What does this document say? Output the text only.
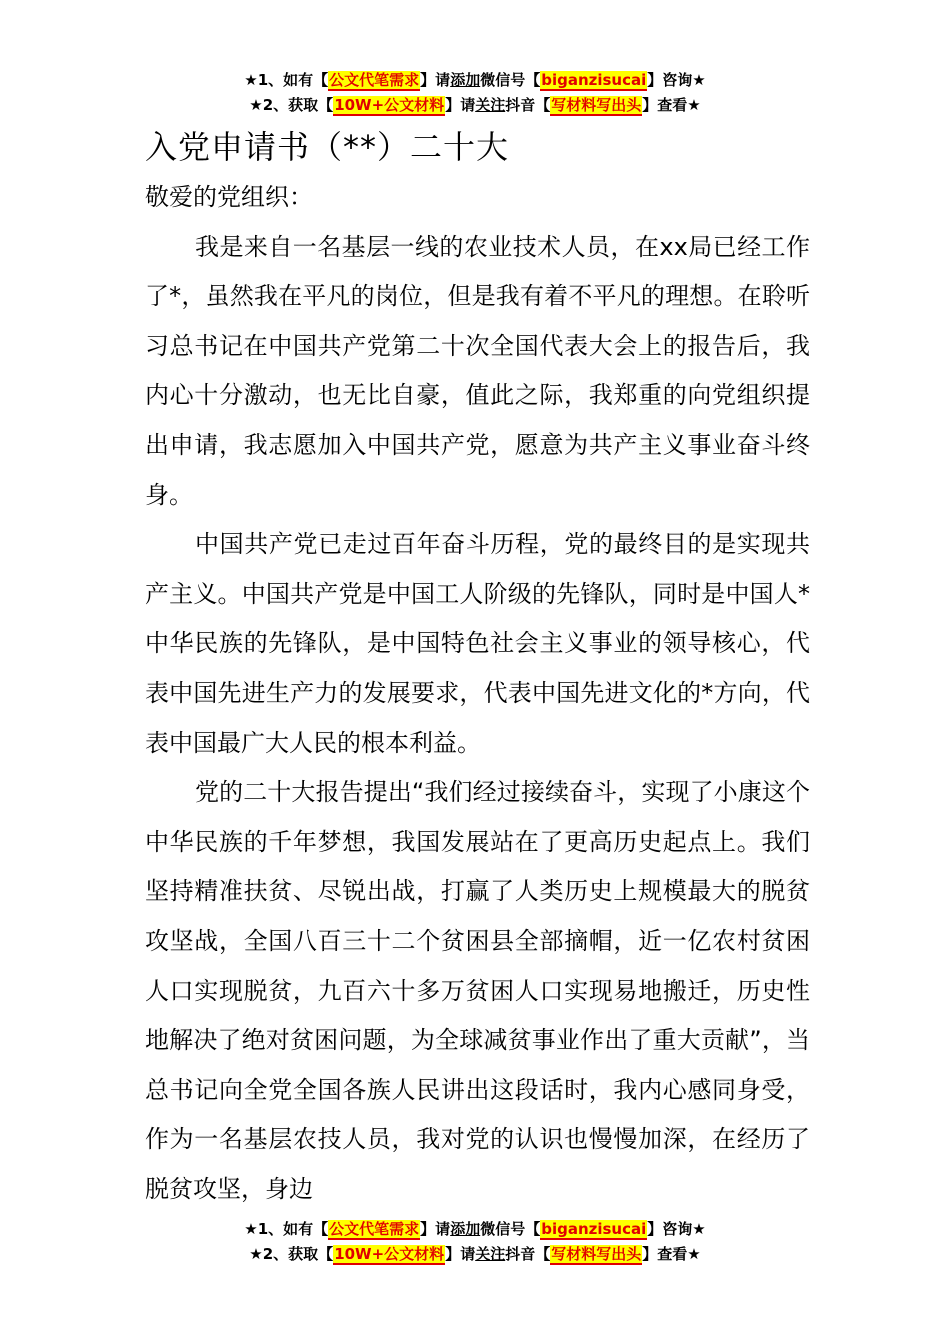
★1、如有【公文代笔需求】请添加微信号【biganzisucai】咨询★
★2、获取【10W+公文材料】请关注抖音【写材料写出头】查看★
入党申请书（**）二十大

敬爱的党组织：

我是来自一名基层一线的农业技术人员，在xx局已经工作了*，虽然我在平凡的岗位，但是我有着不平凡的理想。在聆听习总书记在中国共产党第二十次全国代表大会上的报告后，我内心十分激动，也无比自豪，值此之际，我郑重的向党组织提出申请，我志愿加入中国共产党，愿意为共产主义事业奋斗终身。

中国共产党已走过百年奋斗历程，党的最终目的是实现共产主义。中国共产党是中国工人阶级的先锋队，同时是中国人*中华民族的先锋队，是中国特色社会主义事业的领导核心，代表中国先进生产力的发展要求，代表中国先进文化的*方向，代表中国最广大人民的根本利益。

党的二十大报告提出“我们经过接续奋斗，实现了小康这个中华民族的千年梦想，我国发展站在了更高历史起点上。我们坚持精准扶贫、尽锐出战，打赢了人类历史上规模最大的脱贫攻坚战，全国八百三十二个贫困县全部摘帽，近一亿农村贫困人口实现脱贫，九百六十多万贫困人口实现易地搬迁，历史性地解决了绝对贫困问题，为全球减贫事业作出了重大贡献”，当总书记向全党全国各族人民讲出这段话时，我内心感同身受，作为一名基层农技人员，我对党的认识也慢慢加深，在经历了脱贫攻坚，身边

★1、如有【公文代笔需求】请添加微信号【biganzisucai】咨询★
★2、获取【10W+公文材料】请关注抖音【写材料写出头】查看★
